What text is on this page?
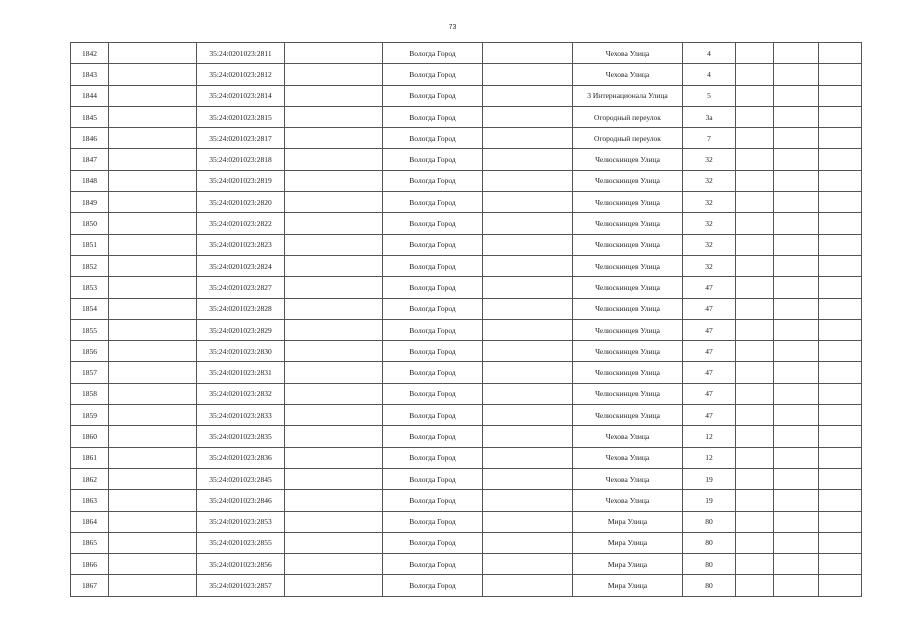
73
1842		35:24:0201023:2811		Вологда Город		Чехова Улица	4			
1843		35:24:0201023:2812		Вологда Город		Чехова Улица	4			
1844		35:24:0201023:2814		Вологда Город		3 Интернационала Улица	5			
1845		35:24:0201023:2815		Вологда Город		Огородный переулок	3а			
1846		35:24:0201023:2817		Вологда Город		Огородный переулок	7			
1847		35:24:0201023:2818		Вологда Город		Челюскинцев Улица	32			
1848		35:24:0201023:2819		Вологда Город		Челюскинцев Улица	32			
1849		35:24:0201023:2820		Вологда Город		Челюскинцев Улица	32			
1850		35:24:0201023:2822		Вологда Город		Челюскинцев Улица	32			
1851		35:24:0201023:2823		Вологда Город		Челюскинцев Улица	32			
1852		35:24:0201023:2824		Вологда Город		Челюскинцев Улица	32			
1853		35:24:0201023:2827		Вологда Город		Челюскинцев Улица	47			
1854		35:24:0201023:2828		Вологда Город		Челюскинцев Улица	47			
1855		35:24:0201023:2829		Вологда Город		Челюскинцев Улица	47			
1856		35:24:0201023:2830		Вологда Город		Челюскинцев Улица	47			
1857		35:24:0201023:2831		Вологда Город		Челюскинцев Улица	47			
1858		35:24:0201023:2832		Вологда Город		Челюскинцев Улица	47			
1859		35:24:0201023:2833		Вологда Город		Челюскинцев Улица	47			
1860		35:24:0201023:2835		Вологда Город		Чехова Улица	12			
1861		35:24:0201023:2836		Вологда Город		Чехова Улица	12			
1862		35:24:0201023:2845		Вологда Город		Чехова Улица	19			
1863		35:24:0201023:2846		Вологда Город		Чехова Улица	19			
1864		35:24:0201023:2853		Вологда Город		Мира Улица	80			
1865		35:24:0201023:2855		Вологда Город		Мира Улица	80			
1866		35:24:0201023:2856		Вологда Город		Мира Улица	80			
1867		35:24:0201023:2857		Вологда Город		Мира Улица	80			
